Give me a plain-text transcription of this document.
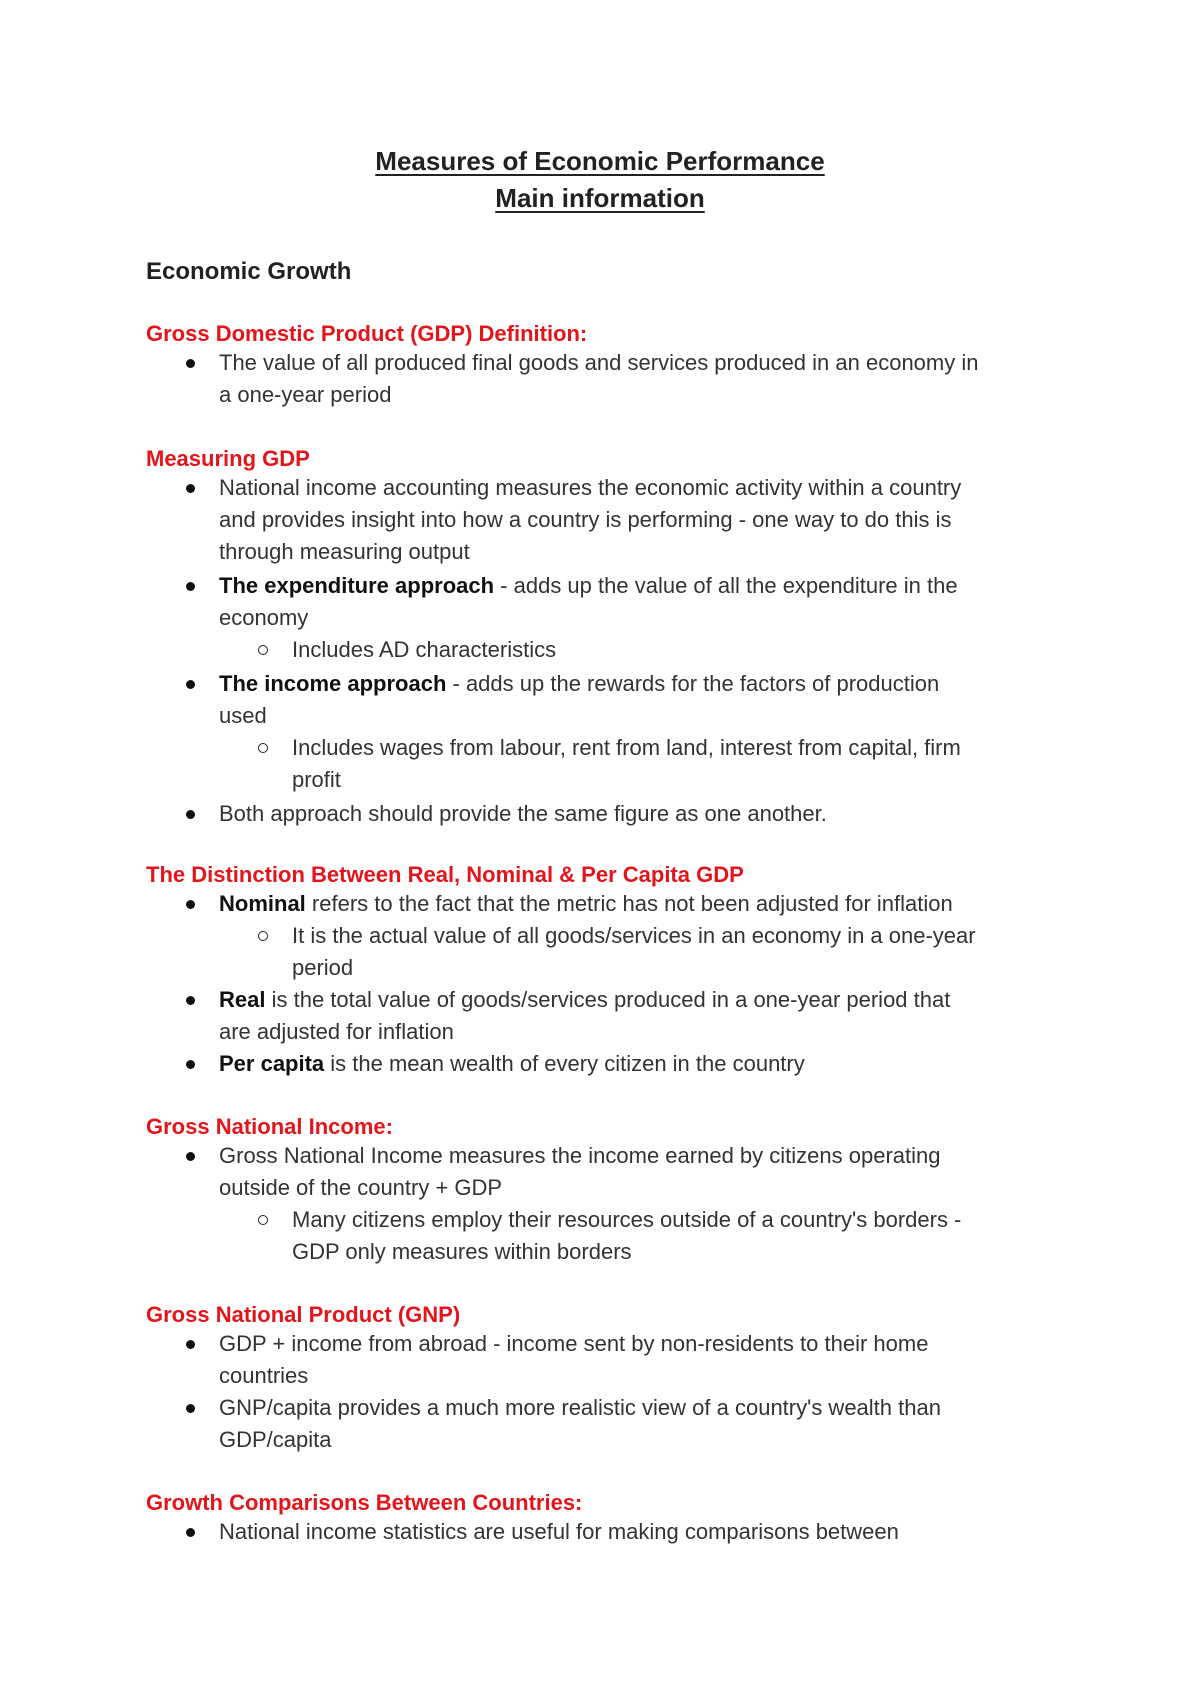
Measures of Economic Performance
Main information
Economic Growth
Gross Domestic Product (GDP) Definition:
The value of all produced final goods and services produced in an economy in
a one-year period
Measuring GDP
National income accounting measures the economic activity within a country
and provides insight into how a country is performing - one way to do this is
through measuring output
The expenditure approach - adds up the value of all the expenditure in the
economy
Includes AD characteristics
The income approach - adds up the rewards for the factors of production
used
Includes wages from labour, rent from land, interest from capital, firm
profit
Both approach should provide the same figure as one another.
The Distinction Between Real, Nominal & Per Capita GDP
Nominal refers to the fact that the metric has not been adjusted for inflation
It is the actual value of all goods/services in an economy in a one-year
period
Real is the total value of goods/services produced in a one-year period that
are adjusted for inflation
Per capita is the mean wealth of every citizen in the country
Gross National Income:
Gross National Income measures the income earned by citizens operating
outside of the country + GDP
Many citizens employ their resources outside of a country's borders -
GDP only measures within borders
Gross National Product (GNP)
GDP + income from abroad - income sent by non-residents to their home
countries
GNP/capita provides a much more realistic view of a country's wealth than
GDP/capita
Growth Comparisons Between Countries:
National income statistics are useful for making comparisons between
